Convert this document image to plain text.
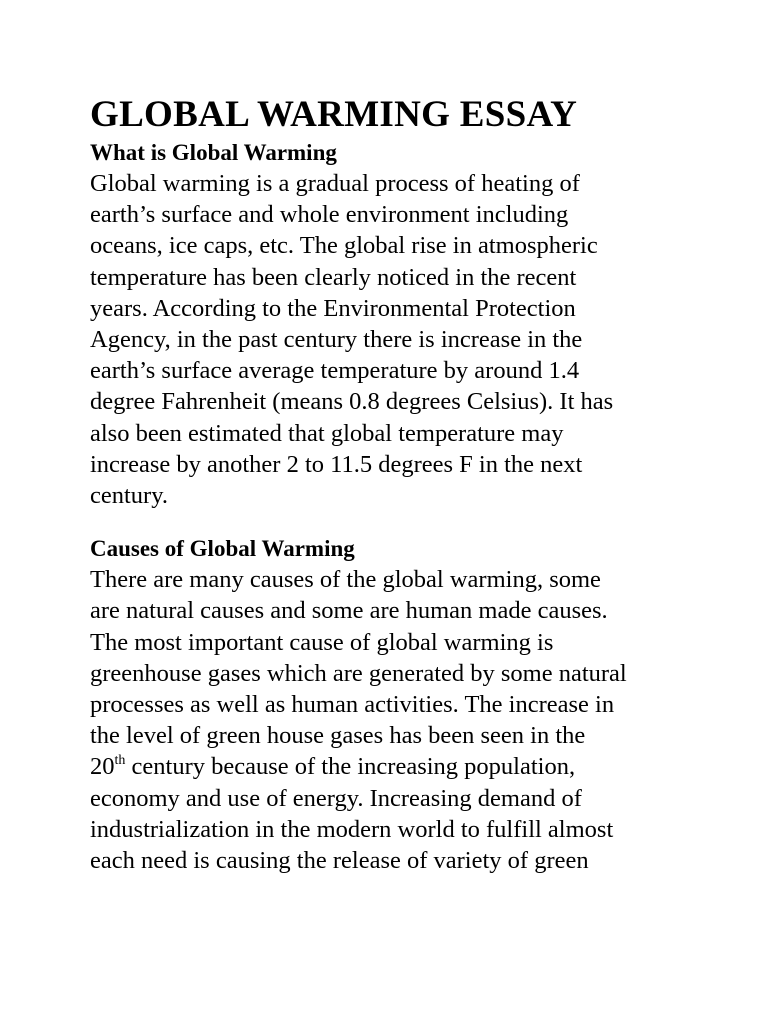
GLOBAL WARMING ESSAY
What is Global Warming
Global warming is a gradual process of heating of
earth’s surface and whole environment including
oceans, ice caps, etc. The global rise in atmospheric
temperature has been clearly noticed in the recent
years. According to the Environmental Protection
Agency, in the past century there is increase in the
earth’s surface average temperature by around 1.4
degree Fahrenheit (means 0.8 degrees Celsius). It has
also been estimated that global temperature may
increase by another 2 to 11.5 degrees F in the next
century.
Causes of Global Warming
There are many causes of the global warming, some
are natural causes and some are human made causes.
The most important cause of global warming is
greenhouse gases which are generated by some natural
processes as well as human activities. The increase in
the level of green house gases has been seen in the
20th century because of the increasing population,
economy and use of energy. Increasing demand of
industrialization in the modern world to fulfill almost
each need is causing the release of variety of green
